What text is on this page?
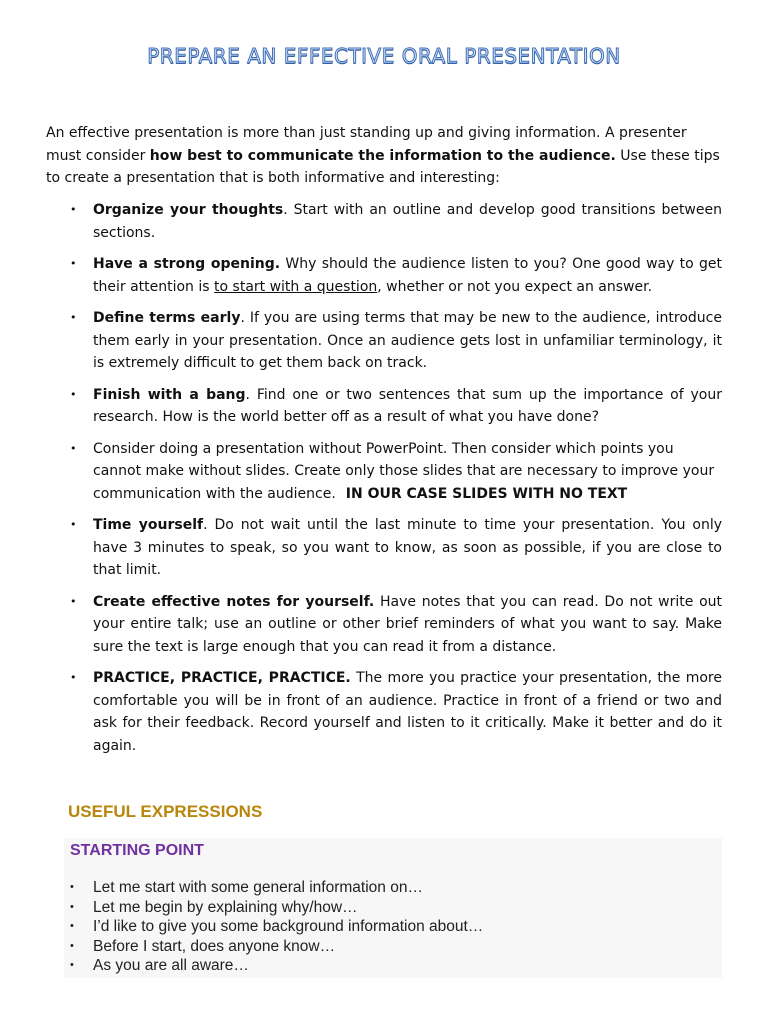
PREPARE AN EFFECTIVE ORAL PRESENTATION
An effective presentation is more than just standing up and giving information. A presenter must consider how best to communicate the information to the audience. Use these tips to create a presentation that is both informative and interesting:
• Organize your thoughts. Start with an outline and develop good transitions between sections.
• Have a strong opening. Why should the audience listen to you? One good way to get their attention is to start with a question, whether or not you expect an answer.
• Define terms early. If you are using terms that may be new to the audience, introduce them early in your presentation. Once an audience gets lost in unfamiliar terminology, it is extremely difficult to get them back on track.
• Finish with a bang. Find one or two sentences that sum up the importance of your research. How is the world better off as a result of what you have done?
• Consider doing a presentation without PowerPoint. Then consider which points you cannot make without slides. Create only those slides that are necessary to improve your communication with the audience. IN OUR CASE SLIDES WITH NO TEXT
• Time yourself. Do not wait until the last minute to time your presentation. You only have 3 minutes to speak, so you want to know, as soon as possible, if you are close to that limit.
• Create effective notes for yourself. Have notes that you can read. Do not write out your entire talk; use an outline or other brief reminders of what you want to say. Make sure the text is large enough that you can read it from a distance.
• PRACTICE, PRACTICE, PRACTICE. The more you practice your presentation, the more comfortable you will be in front of an audience. Practice in front of a friend or two and ask for their feedback. Record yourself and listen to it critically. Make it better and do it again.
USEFUL EXPRESSIONS
STARTING POINT
• Let me start with some general information on…
• Let me begin by explaining why/how…
• I’d like to give you some background information about…
• Before I start, does anyone know…
• As you are all aware…
